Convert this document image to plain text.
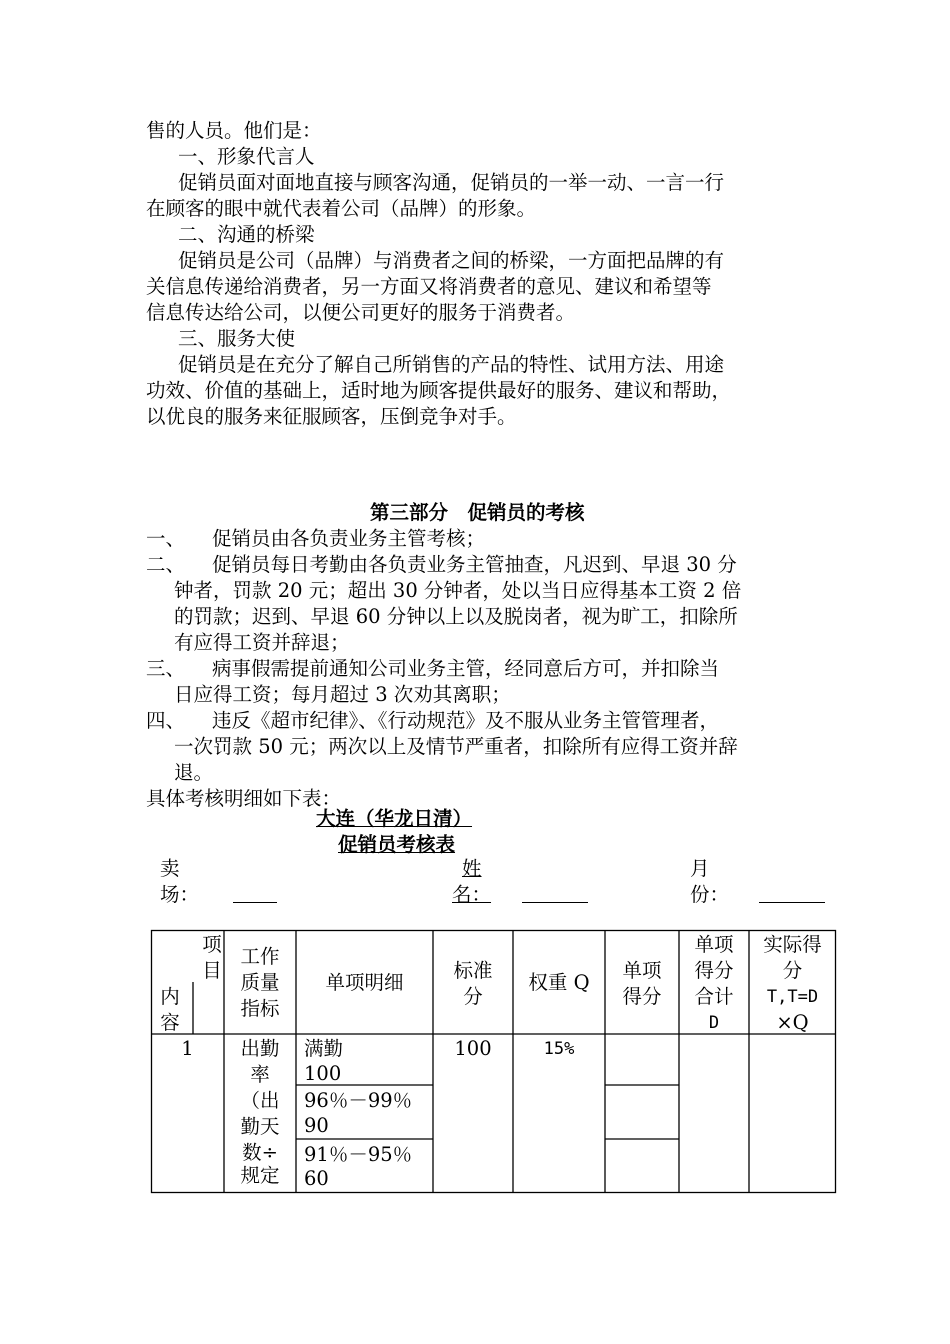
售的人员。他们是：
一、形象代言人
促销员面对面地直接与顾客沟通，促销员的一举一动、一言一行
在顾客的眼中就代表着公司（品牌）的形象。
二、沟通的桥梁
促销员是公司（品牌）与消费者之间的桥梁，一方面把品牌的有
关信息传递给消费者，另一方面又将消费者的意见、建议和希望等
信息传达给公司，以便公司更好的服务于消费者。
三、服务大使
促销员是在充分了解自己所销售的产品的特性、试用方法、用途
功效、价值的基础上，适时地为顾客提供最好的服务、建议和帮助，
以优良的服务来征服顾客，压倒竞争对手。
第三部分　促销员的考核
一、 促销员由各负责业务主管考核；
二、 促销员每日考勤由各负责业务主管抽查，凡迟到、早退 30 分
钟者，罚款 20 元；超出 30 分钟者，处以当日应得基本工资 2 倍
的罚款；迟到、早退 60 分钟以上以及脱岗者，视为旷工，扣除所
有应得工资并辞退；
三、 病事假需提前通知公司业务主管，经同意后方可，并扣除当
日应得工资；每月超过 3 次劝其离职；
四、 违反《超市纪律》、《行动规范》及不服从业务主管管理者，
一次罚款 50 元；两次以上及情节严重者，扣除所有应得工资并辞
退。
具体考核明细如下表：
大连（华龙日清）
促销员考核表
卖
场：
姓
名：
月
份：
项
目
内
容
工作
质量
指标
单项明细
标准
分
权重 Q
单项
得分
单项
得分
合计
D
实际得
分
T,T=D
×Q
1	出勤
率
（出
勤天
数÷
规定
满勤
100
96％－99％
90
91％－95％
60
100	15%
